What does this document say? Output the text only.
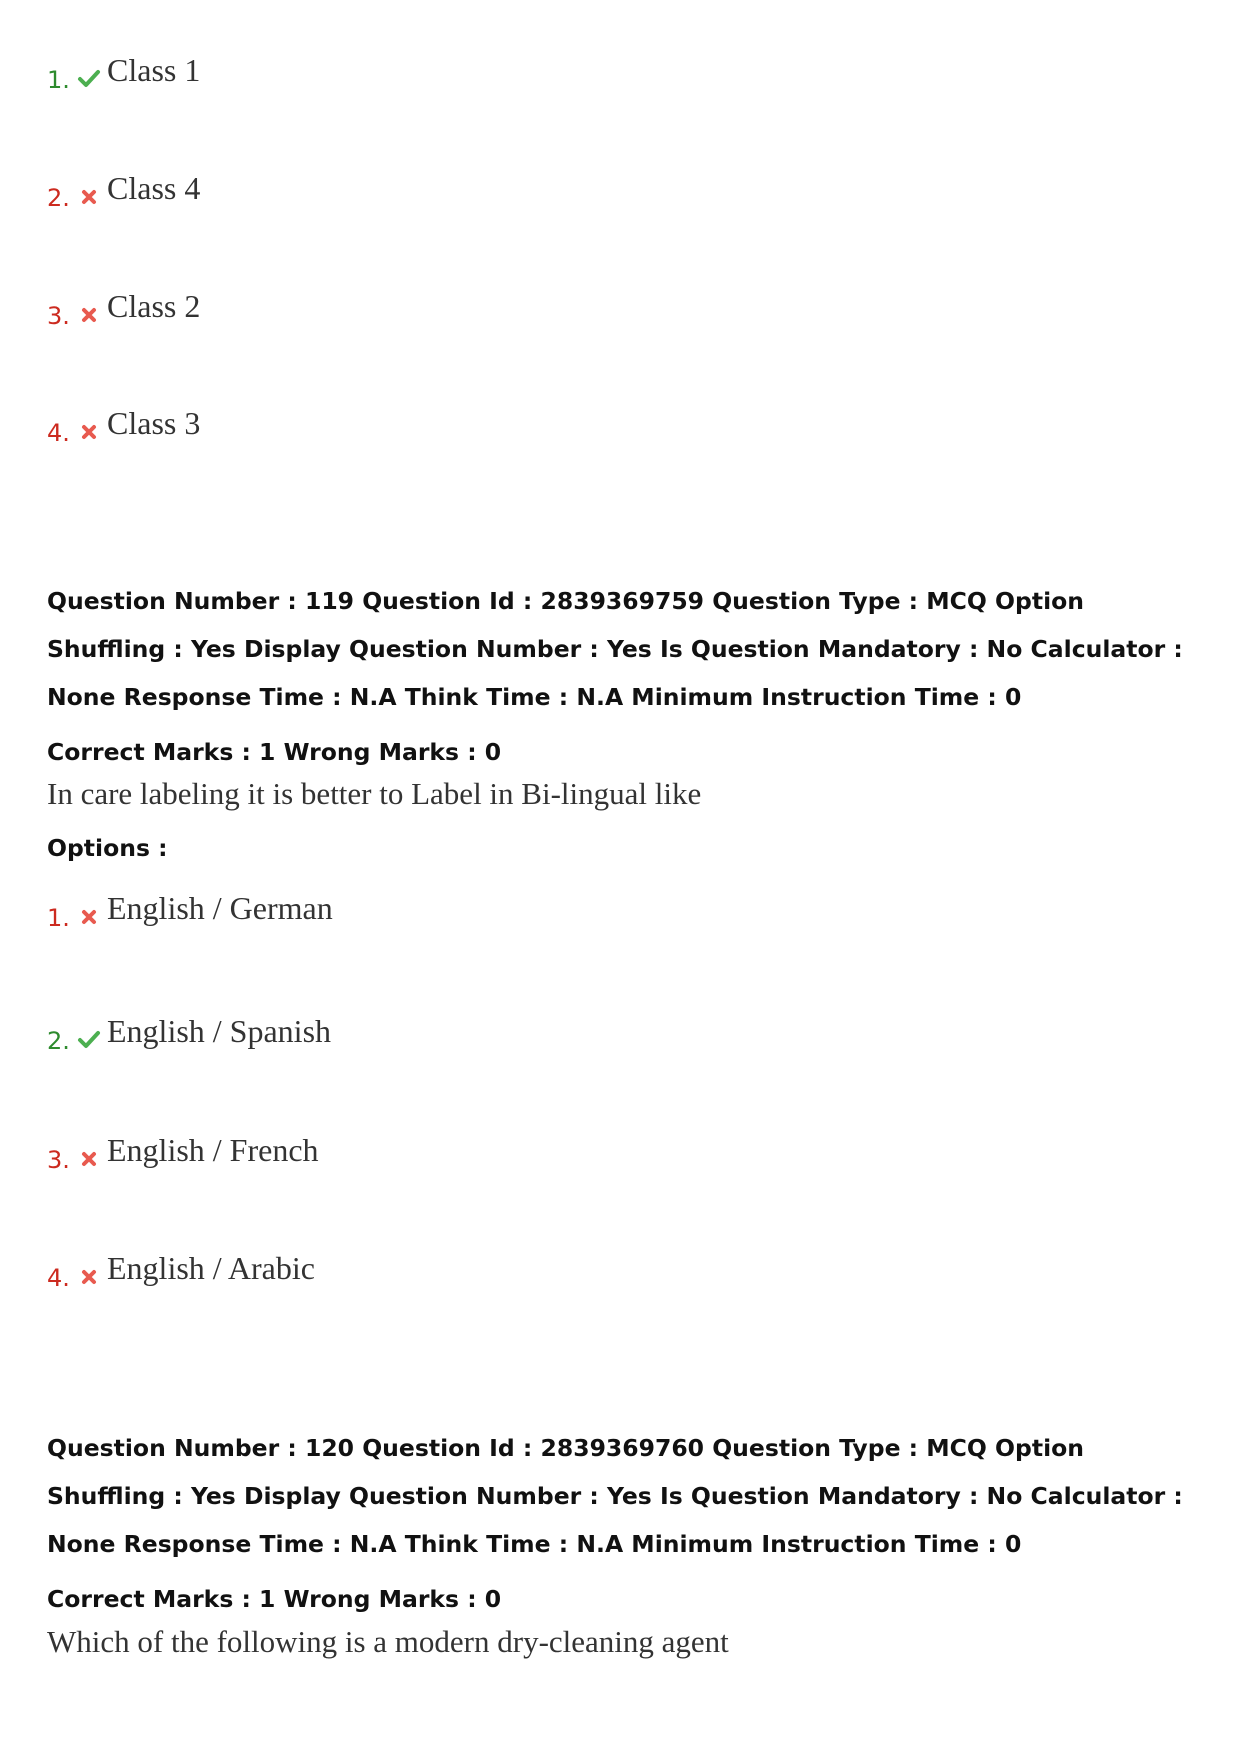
1. Class 1
2. Class 4
3. Class 2
4. Class 3

Question Number : 119 Question Id : 2839369759 Question Type : MCQ Option Shuffling : Yes Display Question Number : Yes Is Question Mandatory : No Calculator : None Response Time : N.A Think Time : N.A Minimum Instruction Time : 0

Correct Marks : 1 Wrong Marks : 0
In care labeling it is better to Label in Bi-lingual like
Options :
1. English / German
2. English / Spanish
3. English / French
4. English / Arabic

Question Number : 120 Question Id : 2839369760 Question Type : MCQ Option Shuffling : Yes Display Question Number : Yes Is Question Mandatory : No Calculator : None Response Time : N.A Think Time : N.A Minimum Instruction Time : 0

Correct Marks : 1 Wrong Marks : 0
Which of the following is a modern dry-cleaning agent
